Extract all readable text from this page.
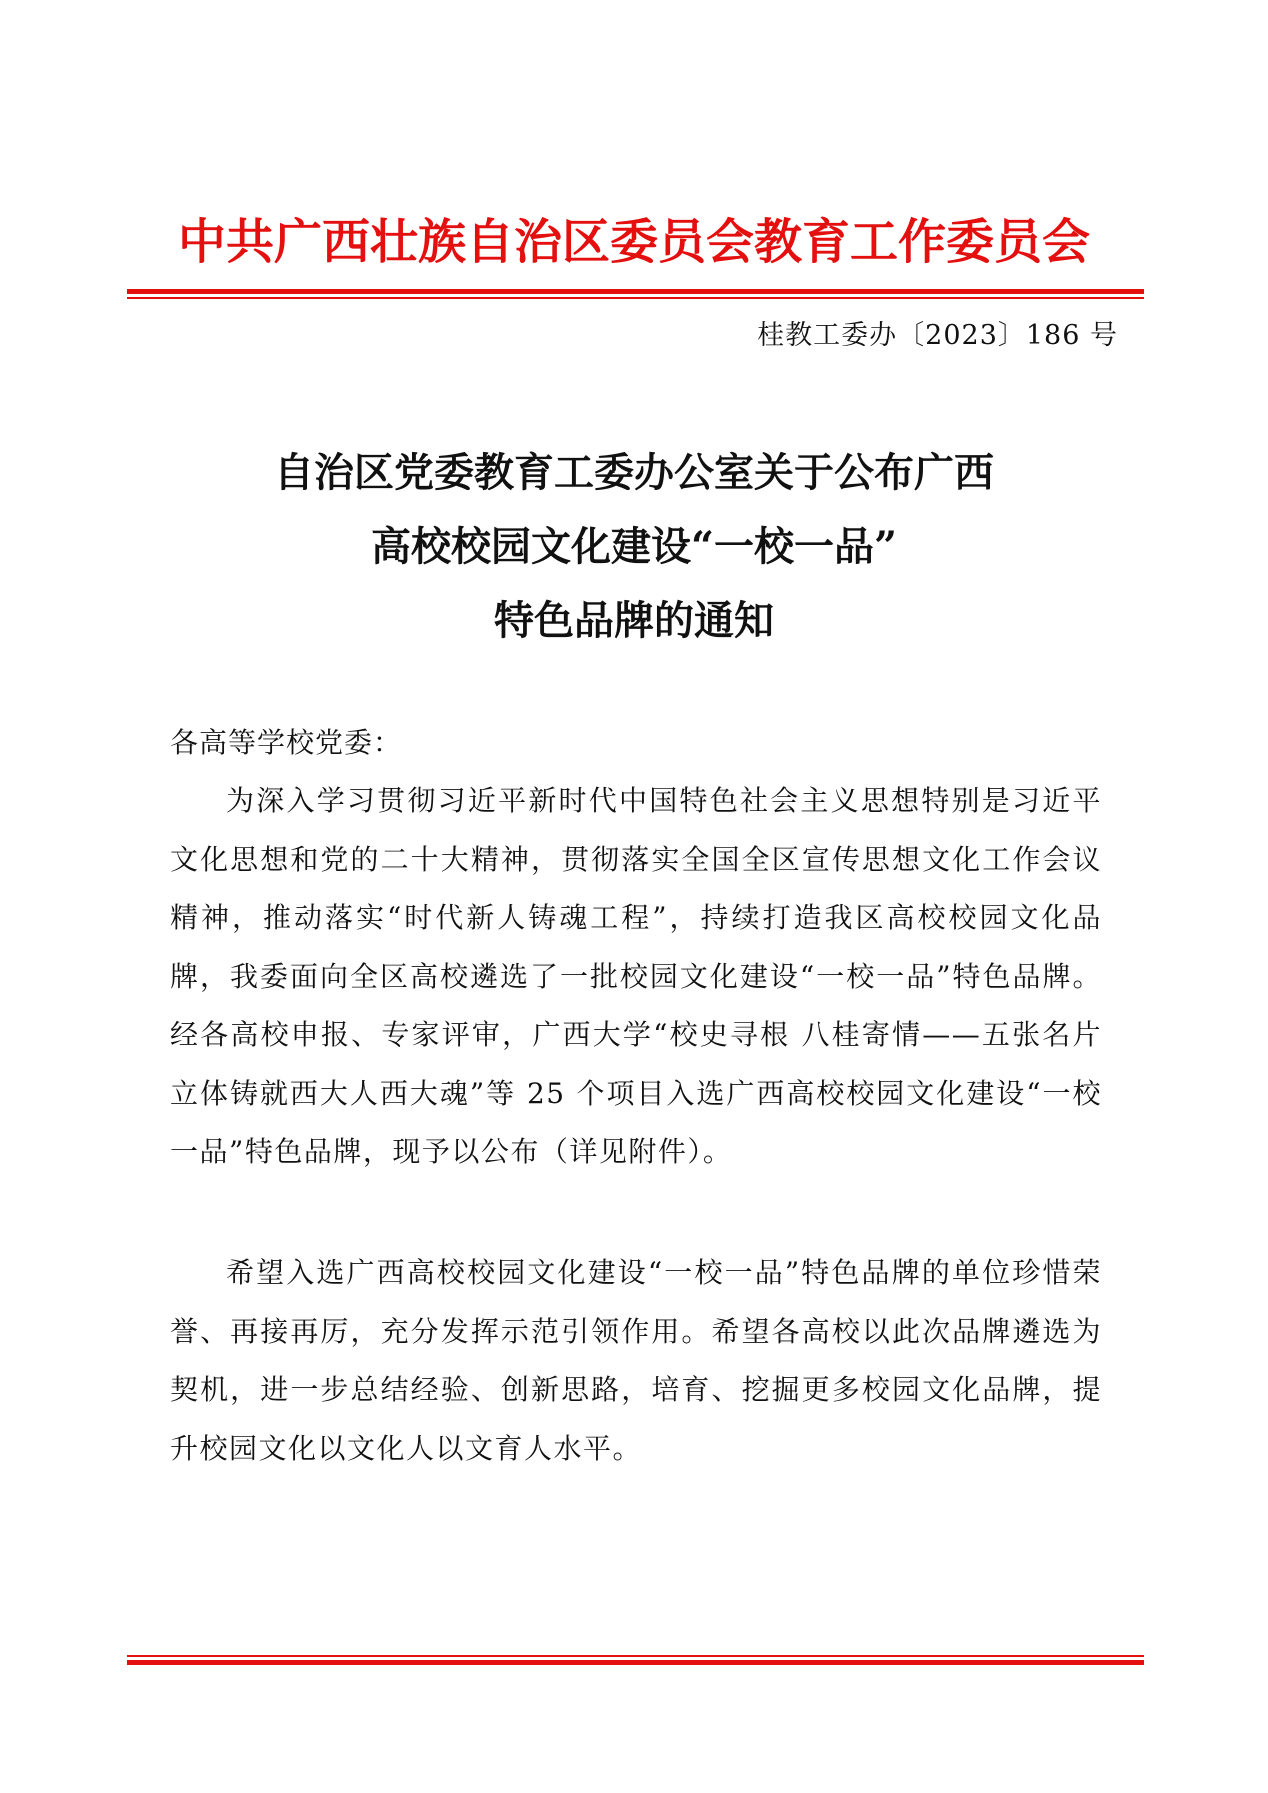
中共广西壮族自治区委员会教育工作委员会
桂教工委办〔2023〕186 号
自治区党委教育工委办公室关于公布广西
高校校园文化建设“一校一品”
特色品牌的通知
各高等学校党委：

为深入学习贯彻习近平新时代中国特色社会主义思想特别是习近平文化思想和党的二十大精神，贯彻落实全国全区宣传思想文化工作会议精神，推动落实“时代新人铸魂工程”，持续打造我区高校校园文化品牌，我委面向全区高校遴选了一批校园文化建设“一校一品”特色品牌。经各高校申报、专家评审，广西大学“校史寻根 八桂寄情——五张名片立体铸就西大人西大魂”等 25 个项目入选广西高校校园文化建设“一校一品”特色品牌，现予以公布（详见附件）。

希望入选广西高校校园文化建设“一校一品”特色品牌的单位珍惜荣誉、再接再厉，充分发挥示范引领作用。希望各高校以此次品牌遴选为契机，进一步总结经验、创新思路，培育、挖掘更多校园文化品牌，提升校园文化以文化人以文育人水平。
